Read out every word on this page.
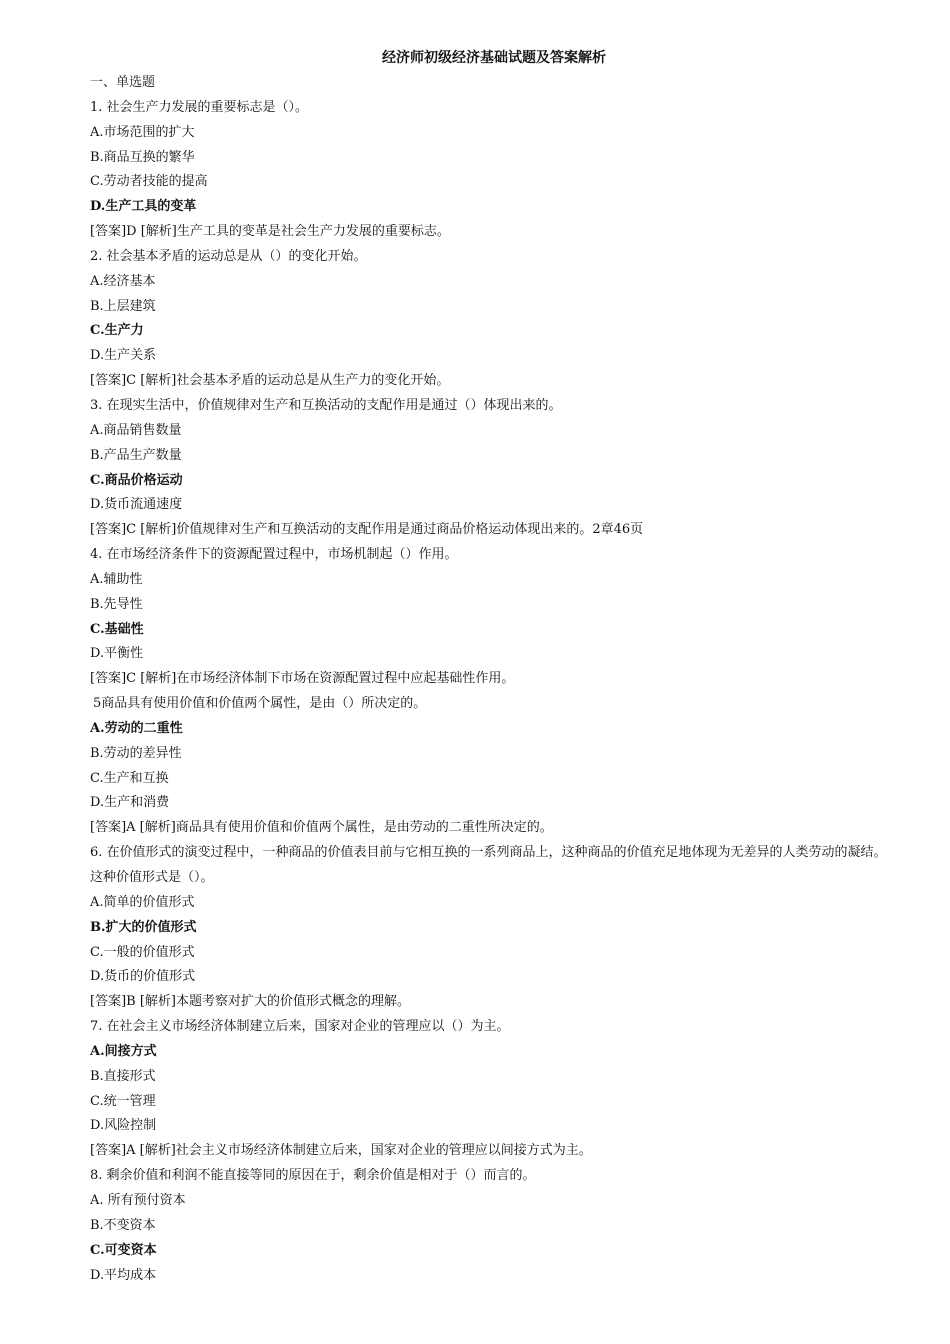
经济师初级经济基础试题及答案解析
一、单选题
1. 社会生产力发展的重要标志是（）。
A.市场范围的扩大
B.商品互换的繁华
C.劳动者技能的提高
D.生产工具的变革
[答案]D [解析]生产工具的变革是社会生产力发展的重要标志。
2. 社会基本矛盾的运动总是从（）的变化开始。
A.经济基本
B.上层建筑
C.生产力
D.生产关系
[答案]C [解析]社会基本矛盾的运动总是从生产力的变化开始。
3. 在现实生活中，价值规律对生产和互换活动的支配作用是通过（）体现出来的。
A.商品销售数量
B.产品生产数量
C.商品价格运动
D.货币流通速度
[答案]C [解析]价值规律对生产和互换活动的支配作用是通过商品价格运动体现出来的。2章46页
4. 在市场经济条件下的资源配置过程中，市场机制起（）作用。
A.辅助性
B.先导性
C.基础性
D.平衡性
[答案]C [解析]在市场经济体制下市场在资源配置过程中应起基础性作用。
5商品具有使用价值和价值两个属性，是由（）所决定的。
A.劳动的二重性
B.劳动的差异性
C.生产和互换
D.生产和消费
[答案]A [解析]商品具有使用价值和价值两个属性，是由劳动的二重性所决定的。
6. 在价值形式的演变过程中，一种商品的价值表目前与它相互换的一系列商品上，这种商品的价值充足地体现为无差异的人类劳动的凝结。这种价值形式是（）。
A.简单的价值形式
B.扩大的价值形式
C.一般的价值形式
D.货币的价值形式
[答案]B [解析]本题考察对扩大的价值形式概念的理解。
7. 在社会主义市场经济体制建立后来，国家对企业的管理应以（）为主。
A.间接方式
B.直接形式
C.统一管理
D.风险控制
[答案]A [解析]社会主义市场经济体制建立后来，国家对企业的管理应以间接方式为主。
8. 剩余价值和利润不能直接等同的原因在于，剩余价值是相对于（）而言的。
A. 所有预付资本
B.不变资本
C.可变资本
D.平均成本
